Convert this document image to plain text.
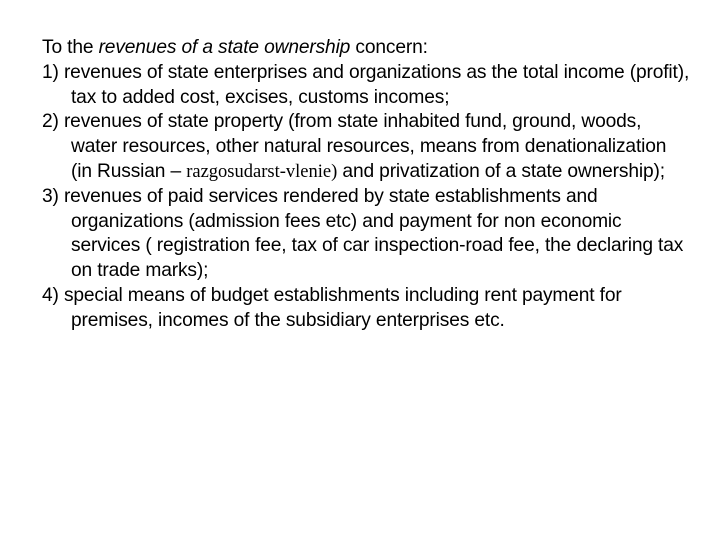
To the revenues of a state ownership concern:

1) revenues of state enterprises and organizations as the total income (profit), tax to added cost, excises, customs incomes;

2) revenues of state property (from state inhabited fund, ground, woods, water resources, other natural resources, means from denationalization (in Russian – razgosudarst-vlenie) and privatization of a state ownership);

3) revenues of paid services rendered by state establishments and organizations (admission fees etc) and payment for non economic services ( registration fee, tax of car inspection-road fee, the declaring tax on trade marks);

4) special means of budget establishments including rent payment for premises, incomes of the subsidiary enterprises etc.
